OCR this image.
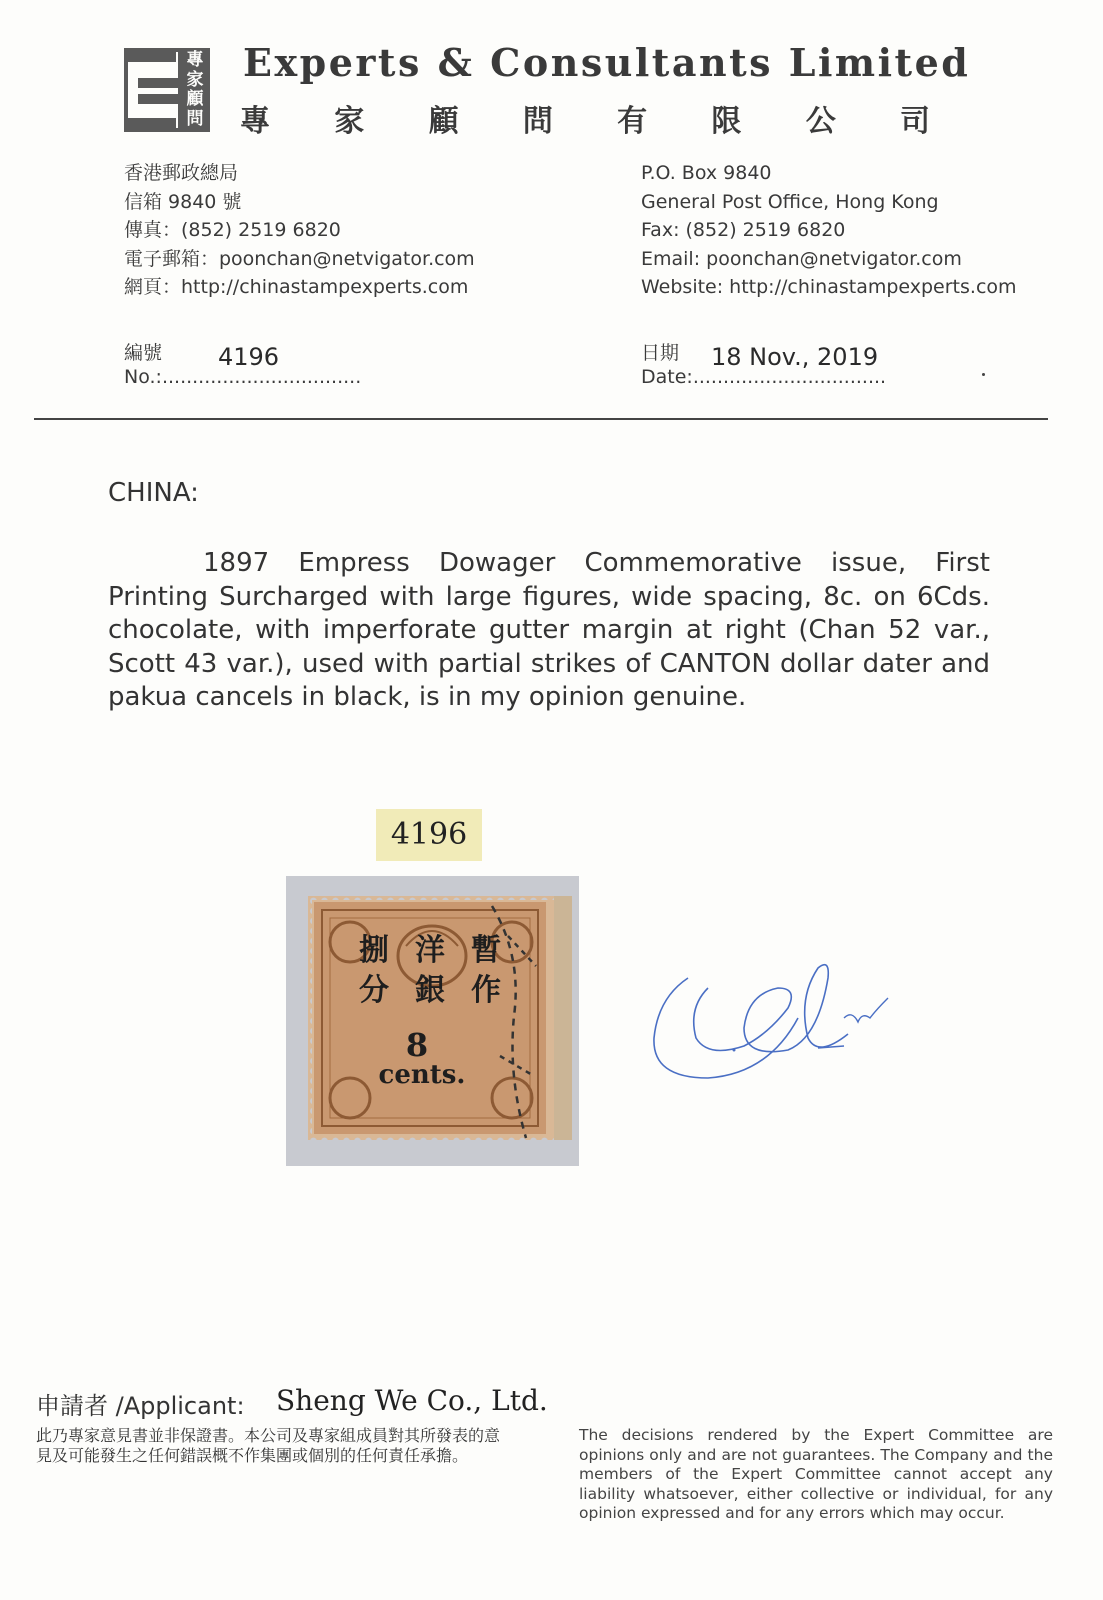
專
家
顧
問
Experts & Consultants Limited
專 家 顧 問 有 限 公 司
香港郵政總局
信箱 9840 號
傳真：(852) 2519 6820
電子郵箱：poonchan@netvigator.com
網頁：http://chinastampexperts.com
P.O. Box 9840
General Post Office, Hong Kong
Fax: (852) 2519 6820
Email: poonchan@netvigator.com
Website: http://chinastampexperts.com
編號
No.:.................................
4196	日期
Date:................................
18 Nov., 2019
CHINA:
1897 Empress Dowager Commemorative issue, First Printing Surcharged with large figures, wide spacing, 8c. on 6Cds. chocolate, with imperforate gutter margin at right (Chan 52 var., Scott 43 var.), used with partial strikes of CANTON dollar dater and pakua cancels in black, is in my opinion genuine.
4196
捌 洋 暫
分 銀 作
8
cents.
申請者 /Applicant: Sheng We Co., Ltd.
此乃專家意見書並非保證書。本公司及專家組成員對其所發表的意見及可能發生之任何錯誤概不作集團或個別的任何責任承擔。
The decisions rendered by the Expert Committee are opinions only and are not guarantees. The Company and the members of the Expert Committee cannot accept any liability whatsoever, either collective or individual, for any opinion expressed and for any errors which may occur.
